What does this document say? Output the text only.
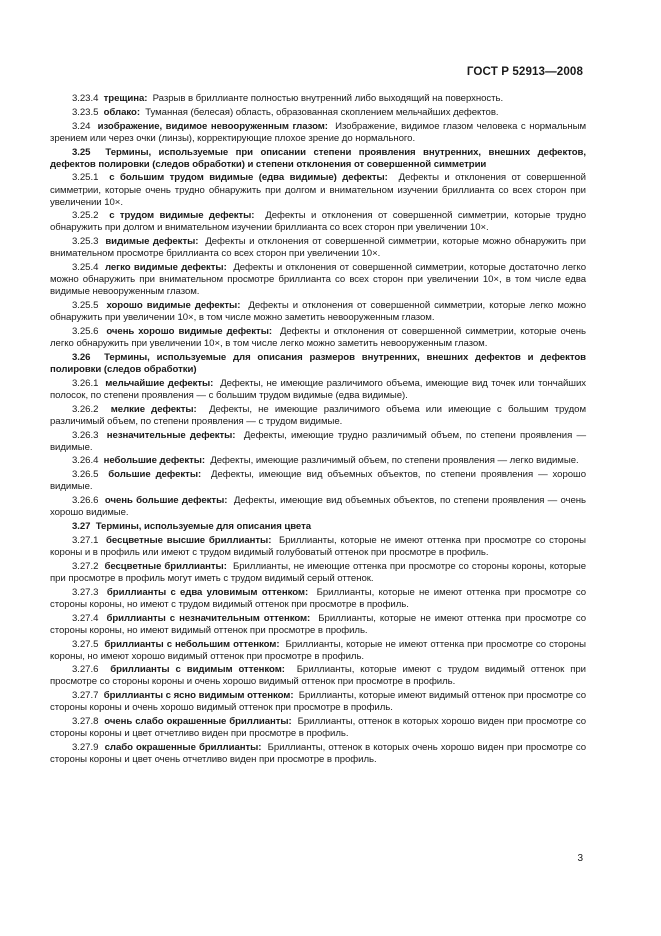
ГОСТ Р 52913—2008

3.23.4 трещина: Разрыв в бриллианте полностью внутренний либо выходящий на поверхность.

3.23.5 облако: Туманная (белесая) область, образованная скоплением мельчайших дефектов.

3.24 изображение, видимое невооруженным глазом: Изображение, видимое глазом человека с нормальным зрением или через очки (линзы), корректирующие плохое зрение до нормального.

3.25 Термины, используемые при описании степени проявления внутренних, внешних дефектов, дефектов полировки (следов обработки) и степени отклонения от совершенной симметрии

3.25.1 с большим трудом видимые (едва видимые) дефекты: Дефекты и отклонения от совершенной симметрии, которые очень трудно обнаружить при долгом и внимательном изучении бриллианта со всех сторон при увеличении 10×.

3.25.2 с трудом видимые дефекты: Дефекты и отклонения от совершенной симметрии, которые трудно обнаружить при долгом и внимательном изучении бриллианта со всех сторон при увеличении 10×.

3.25.3 видимые дефекты: Дефекты и отклонения от совершенной симметрии, которые можно обнаружить при внимательном просмотре бриллианта со всех сторон при увеличении 10×.

3.25.4 легко видимые дефекты: Дефекты и отклонения от совершенной симметрии, которые достаточно легко можно обнаружить при внимательном просмотре бриллианта со всех сторон при увеличении 10×, в том числе едва видимые невооруженным глазом.

3.25.5 хорошо видимые дефекты: Дефекты и отклонения от совершенной симметрии, которые легко можно обнаружить при увеличении 10×, в том числе можно заметить невооруженным глазом.

3.25.6 очень хорошо видимые дефекты: Дефекты и отклонения от совершенной симметрии, которые очень легко обнаружить при увеличении 10×, в том числе легко можно заметить невооруженным глазом.

3.26 Термины, используемые для описания размеров внутренних, внешних дефектов и дефектов полировки (следов обработки)

3.26.1 мельчайшие дефекты: Дефекты, не имеющие различимого объема, имеющие вид точек или тончайших полосок, по степени проявления — с большим трудом видимые (едва видимые).

3.26.2 мелкие дефекты: Дефекты, не имеющие различимого объема или имеющие с большим трудом различимый объем, по степени проявления — с трудом видимые.

3.26.3 незначительные дефекты: Дефекты, имеющие трудно различимый объем, по степени проявления — видимые.

3.26.4 небольшие дефекты: Дефекты, имеющие различимый объем, по степени проявления — легко видимые.

3.26.5 большие дефекты: Дефекты, имеющие вид объемных объектов, по степени проявления — хорошо видимые.

3.26.6 очень большие дефекты: Дефекты, имеющие вид объемных объектов, по степени проявления — очень хорошо видимые.

3.27 Термины, используемые для описания цвета

3.27.1 бесцветные высшие бриллианты: Бриллианты, которые не имеют оттенка при просмотре со стороны короны и в профиль или имеют с трудом видимый голубоватый оттенок при просмотре в профиль.

3.27.2 бесцветные бриллианты: Бриллианты, не имеющие оттенка при просмотре со стороны короны, которые при просмотре в профиль могут иметь с трудом видимый серый оттенок.

3.27.3 бриллианты с едва уловимым оттенком: Бриллианты, которые не имеют оттенка при просмотре со стороны короны, но имеют с трудом видимый оттенок при просмотре в профиль.

3.27.4 бриллианты с незначительным оттенком: Бриллианты, которые не имеют оттенка при просмотре со стороны короны, но имеют видимый оттенок при просмотре в профиль.

3.27.5 бриллианты с небольшим оттенком: Бриллианты, которые не имеют оттенка при просмотре со стороны короны, но имеют хорошо видимый оттенок при просмотре в профиль.

3.27.6 бриллианты с видимым оттенком: Бриллианты, которые имеют с трудом видимый оттенок при просмотре со стороны короны и очень хорошо видимый оттенок при просмотре в профиль.

3.27.7 бриллианты с ясно видимым оттенком: Бриллианты, которые имеют видимый оттенок при просмотре со стороны короны и очень хорошо видимый оттенок при просмотре в профиль.

3.27.8 очень слабо окрашенные бриллианты: Бриллианты, оттенок в которых хорошо виден при просмотре со стороны короны и цвет отчетливо виден при просмотре в профиль.

3.27.9 слабо окрашенные бриллианты: Бриллианты, оттенок в которых очень хорошо виден при просмотре со стороны короны и цвет очень отчетливо виден при просмотре в профиль.

3
